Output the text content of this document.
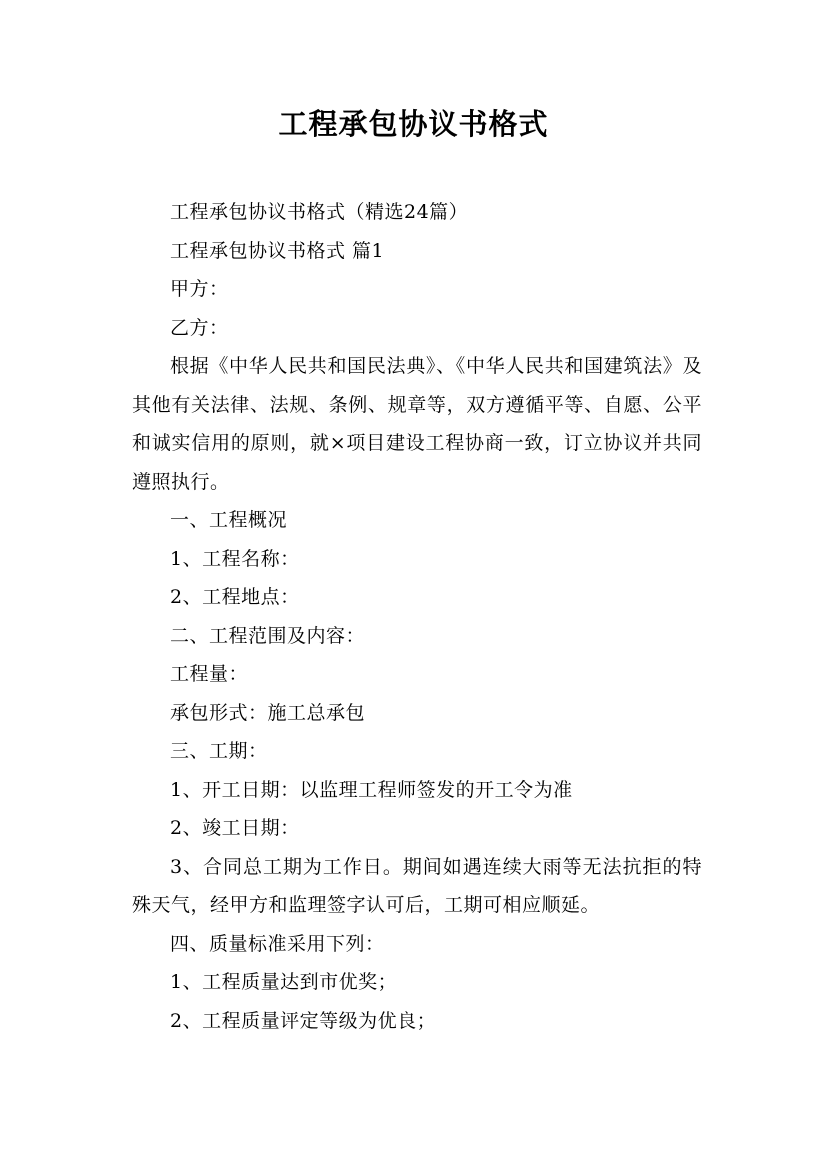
工程承包协议书格式

工程承包协议书格式（精选24篇）

工程承包协议书格式 篇1

甲方：

乙方：

根据《中华人民共和国民法典》、《中华人民共和国建筑法》及其他有关法律、法规、条例、规章等，双方遵循平等、自愿、公平和诚实信用的原则，就×项目建设工程协商一致，订立协议并共同遵照执行。

一、工程概况

1、工程名称：

2、工程地点：

二、工程范围及内容：

工程量：

承包形式：施工总承包

三、工期：

1、开工日期：以监理工程师签发的开工令为准

2、竣工日期：

3、合同总工期为工作日。期间如遇连续大雨等无法抗拒的特殊天气，经甲方和监理签字认可后，工期可相应顺延。

四、质量标准采用下列：

1、工程质量达到市优奖；

2、工程质量评定等级为优良；
